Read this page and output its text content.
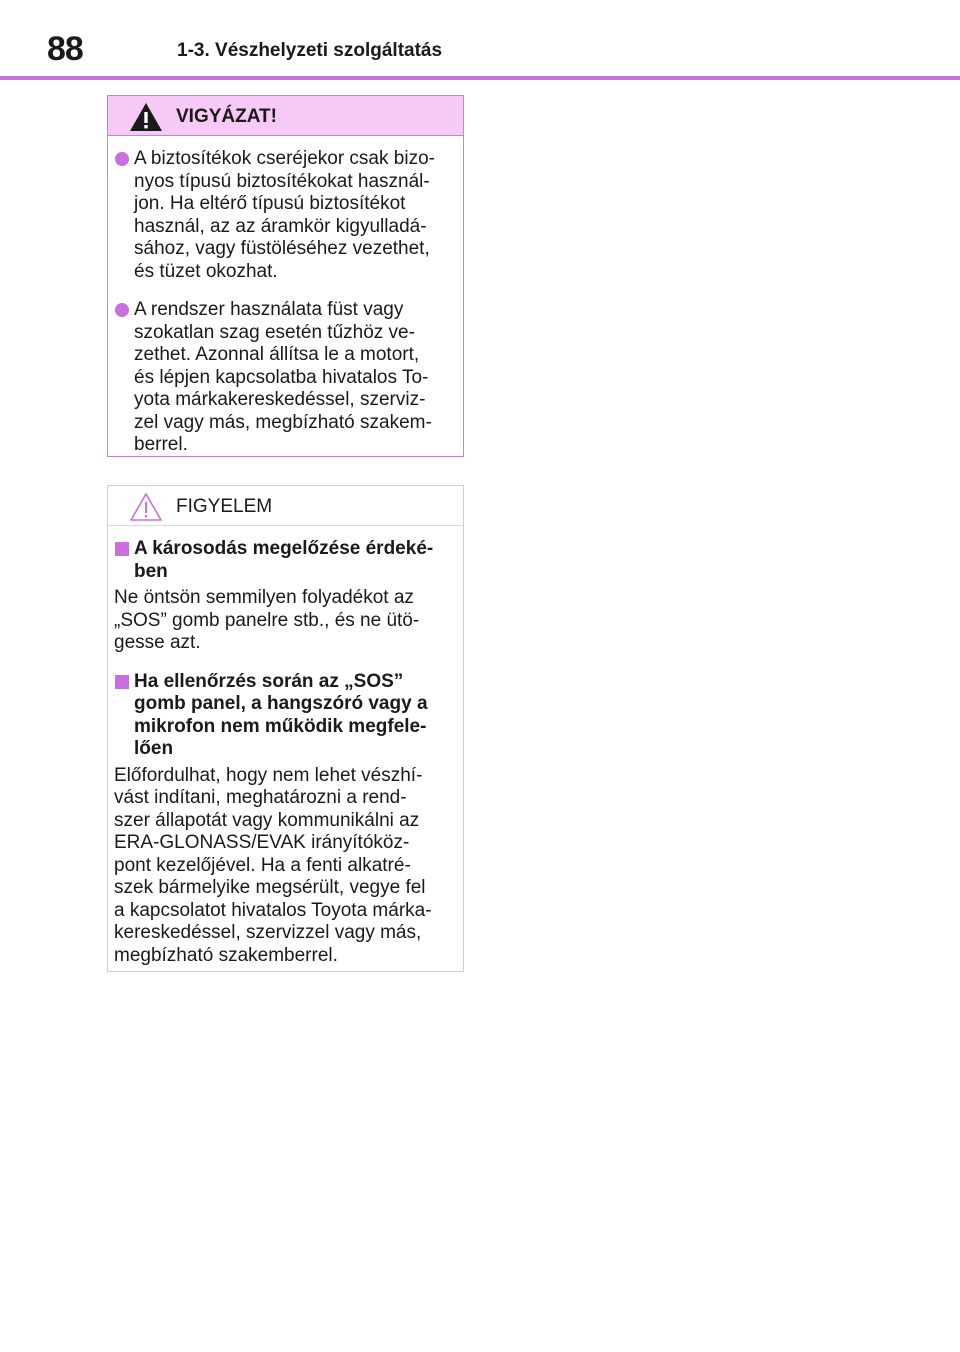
88	1-3. Vészhelyzeti szolgáltatás
VIGYÁZAT!
A biztosítékok cseréjekor csak bizo-
nyos típusú biztosítékokat használ-
jon. Ha eltérő típusú biztosítékot
használ, az az áramkör kigyulladá-
sához, vagy füstöléséhez vezethet,
és tüzet okozhat.
A rendszer használata füst vagy
szokatlan szag esetén tűzhöz ve-
zethet. Azonnal állítsa le a motort,
és lépjen kapcsolatba hivatalos To-
yota márkakereskedéssel, szerviz-
zel vagy más, megbízható szakem-
berrel.
FIGYELEM
A károsodás megelőzése érdeké-
ben
Ne öntsön semmilyen folyadékot az
„SOS” gomb panelre stb., és ne ütö-
gesse azt.
Ha ellenőrzés során az „SOS”
gomb panel, a hangszóró vagy a
mikrofon nem működik megfele-
lően
Előfordulhat, hogy nem lehet vészhí-
vást indítani, meghatározni a rend-
szer állapotát vagy kommunikálni az
ERA-GLONASS/EVAK irányítóköz-
pont kezelőjével. Ha a fenti alkatré-
szek bármelyike megsérült, vegye fel
a kapcsolatot hivatalos Toyota márka-
kereskedéssel, szervizzel vagy más,
megbízható szakemberrel.
